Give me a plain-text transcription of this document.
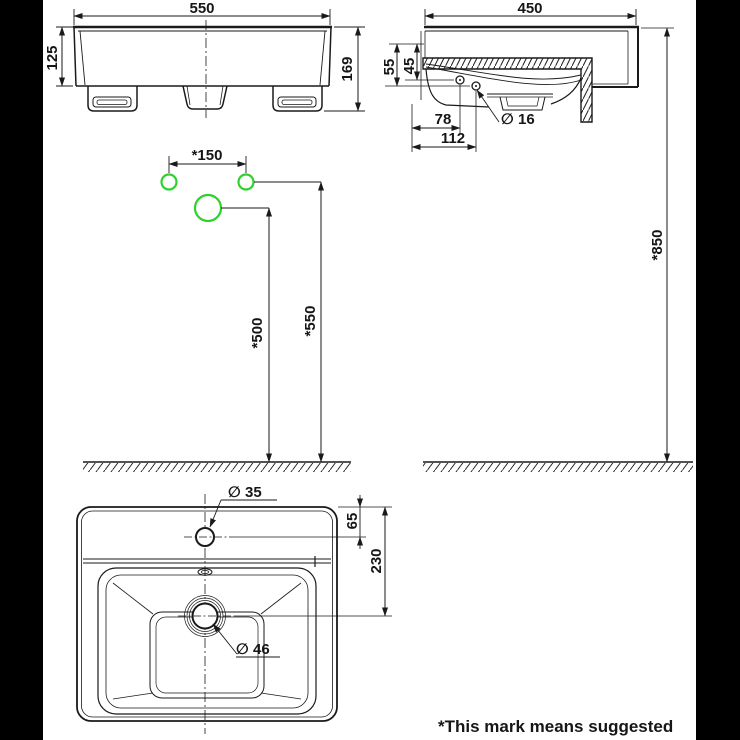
550
125	169
450
55 45
78
112
∅ 16
*850
*150
*550
*500
∅ 35
∅ 46
65
230
*This mark means suggested
